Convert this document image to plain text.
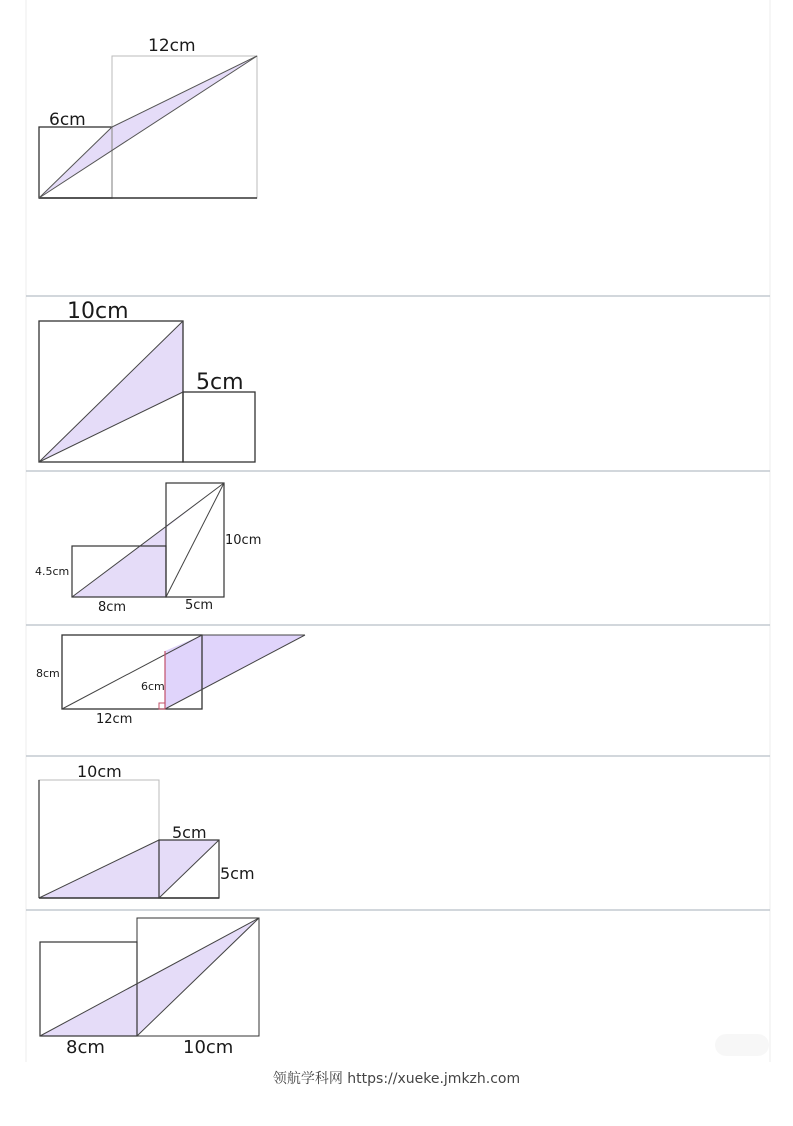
12cm
6cm
10cm
5cm
10cm
4.5cm
8cm	5cm
8cm
6cm
12cm
10cm
5cm
5cm
8cm	10cm
领航学科网 https://xueke.jmkzh.com
